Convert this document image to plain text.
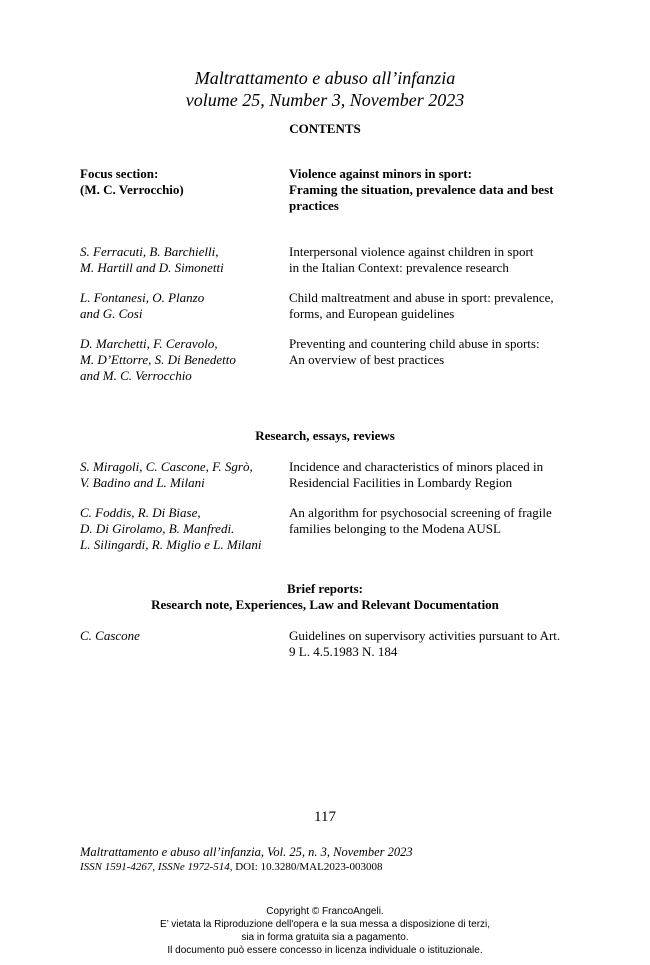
Maltrattamento e abuso all’infanzia
volume 25, Number 3, November 2023
CONTENTS
Focus section:
(M. C. Verrocchio)
Violence against minors in sport:
Framing the situation, prevalence data and best
practices
S. Ferracuti, B. Barchielli,
M. Hartill and D. Simonetti
Interpersonal violence against children in sport
in the Italian Context: prevalence research
L. Fontanesi, O. Planzo
and G. Cosi
Child maltreatment and abuse in sport: prevalence,
forms, and European guidelines
D. Marchetti, F. Ceravolo,
M. D’Ettorre, S. Di Benedetto
and M. C. Verrocchio
Preventing and countering child abuse in sports:
An overview of best practices
Research, essays, reviews
S. Miragoli, C. Cascone, F. Sgrò,
V. Badino and L. Milani
Incidence and characteristics of minors placed in
Residencial Facilities in Lombardy Region
C. Foddis, R. Di Biase,
D. Di Girolamo, B. Manfredi.
L. Silingardi, R. Miglio e L. Milani
An algorithm for psychosocial screening of fragile
families belonging to the Modena AUSL
Brief reports:
Research note, Experiences, Law and Relevant Documentation
C. Cascone	Guidelines on supervisory activities pursuant to Art.
9 L. 4.5.1983 N. 184
117
Maltrattamento e abuso all’infanzia, Vol. 25, n. 3, November 2023
ISSN 1591-4267, ISSNe 1972-514, DOI: 10.3280/MAL2023-003008
Copyright © FrancoAngeli.
E’ vietata la Riproduzione dell'opera e la sua messa a disposizione di terzi,
sia in forma gratuita sia a pagamento.
Il documento può essere concesso in licenza individuale o istituzionale.
